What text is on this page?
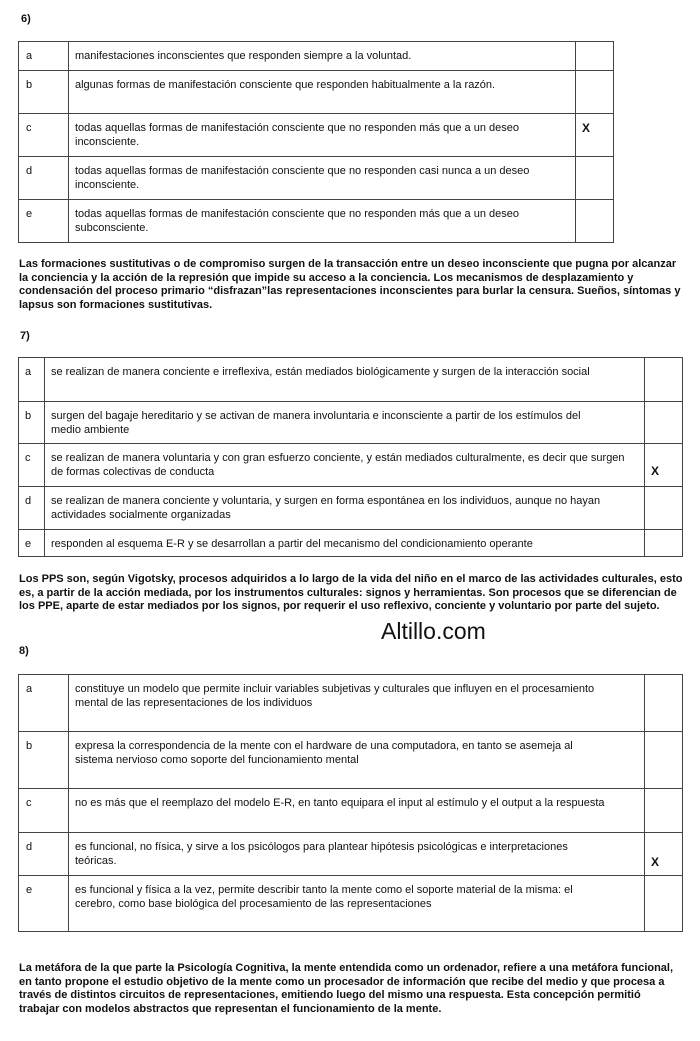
6)
a	manifestaciones inconscientes que responden siempre a la voluntad.	
b	algunas formas de manifestación consciente que responden habitualmente a la razón.	
c	todas aquellas formas de manifestación consciente que no responden más que a un deseo inconsciente.	X
d	todas aquellas formas de manifestación consciente que no responden casi nunca a un deseo inconsciente.	
e	todas aquellas formas de manifestación consciente que no responden más que a un deseo subconsciente.	
Las formaciones sustitutivas o de compromiso surgen de la transacción entre un deseo inconsciente que pugna por alcanzar la conciencia y la acción de la represión que impide su acceso a la conciencia. Los mecanismos de desplazamiento y condensación del proceso primario “disfrazan”las representaciones inconscientes para burlar la censura. Sueños, síntomas y lapsus son formaciones sustitutivas.
7)
a	se realizan de manera conciente e irreflexiva, están mediados biológicamente y surgen de la interacción social	
b	surgen del bagaje hereditario y se activan de manera involuntaria e inconsciente a partir de los estímulos del medio ambiente	
c	se realizan de manera voluntaria y con gran esfuerzo conciente, y están mediados culturalmente, es decir que surgen de formas colectivas de conducta	X
d	se realizan de manera conciente y voluntaria, y surgen en forma espontánea en los individuos, aunque no hayan actividades socialmente organizadas	
e	responden al esquema E-R y se desarrollan a partir del mecanismo del condicionamiento operante	
Los PPS son, según Vigotsky, procesos adquiridos a lo largo de la vida del niño en el marco de las actividades culturales, esto es, a partir de la acción mediada, por los instrumentos culturales: signos y herramientas. Son procesos que se diferencian de los PPE, aparte de estar mediados por los signos, por requerir el uso reflexivo, conciente y voluntario por parte del sujeto.
Altillo.com
8)
a	constituye un modelo que permite incluir variables subjetivas y culturales que influyen en el procesamiento mental de las representaciones de los individuos	
b	expresa la correspondencia de la mente con el hardware de una computadora, en tanto se asemeja al sistema nervioso como soporte del funcionamiento mental	
c	no es más que el reemplazo del modelo E-R, en tanto equipara el input al estímulo y el output a la respuesta	
d	es funcional, no física, y sirve a los psicólogos para plantear hipótesis psicológicas e interpretaciones teóricas.	X
e	es funcional y física a la vez, permite describir tanto la mente como el soporte material de la misma: el cerebro, como base biológica del procesamiento de las representaciones	
La metáfora de la que parte la Psicología Cognitiva, la mente entendida como un ordenador, refiere a una metáfora funcional, en tanto propone el estudio objetivo de la mente como un procesador de información que recibe del medio y que procesa a través de distintos circuitos de representaciones, emitiendo luego del mismo una respuesta. Esta concepción permitió trabajar con modelos abstractos que representan el funcionamiento de la mente.
